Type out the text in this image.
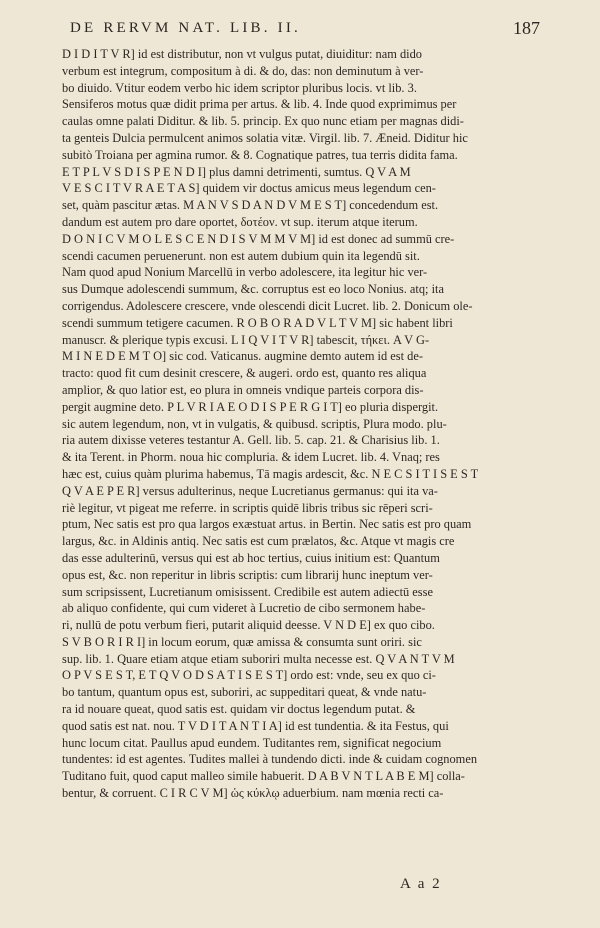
DE RERVM NAT. LIB. II.	187
D I D I T V R] id est distributur, non vt vulgus putat, diuiditur: nam dido
verbum est integrum, compositum à di. & do, das: non deminutum à ver-
bo diuido. Vtitur eodem verbo hic idem scriptor pluribus locis. vt lib. 3.
Sensiferos motus quæ didit prima per artus. & lib. 4. Inde quod exprimimus per
caulas omne palati Diditur. & lib. 5. princip. Ex quo nunc etiam per magnas didi-
ta genteis Dulcia permulcent animos solatia vitæ. Virgil. lib. 7. Æneid. Diditur hic
subitò Troiana per agmina rumor. & 8. Cognatique patres, tua terris didita fama.
E T P L V S D I S P E N D I] plus damni detrimenti, sumtus. Q V A M
V E S C I T V R A E T A S] quidem vir doctus amicus meus legendum cen-
set, quàm pascitur ætas. M A N V S D A N D V M E S T] concedendum est.
dandum est autem pro dare oportet, δοτέον. vt sup. iterum atque iterum.
D O N I C V M O L E S C E N D I S V M M V M] id est donec ad summū cre-
scendi cacumen peruenerunt. non est autem dubium quin ita legendū sit.
Nam quod apud Nonium Marcellū in verbo adolescere, ita legitur hic ver-
sus Dumque adolescendi summum, &c. corruptus est eo loco Nonius. atq; ita
corrigendus. Adolescere crescere, vnde olescendi dicit Lucret. lib. 2. Donicum ole-
scendi summum tetigere cacumen. R O B O R A D V L T V M] sic habent libri
manuscr. & plerique typis excusi. L I Q V I T V R] tabescit, τήκει. A V G-
M I N E D E M T O] sic cod. Vaticanus. augmine demto autem id est de-
tracto: quod fit cum desinit crescere, & augeri. ordo est, quanto res aliqua
amplior, & quo latior est, eo plura in omneis vndique parteis corpora dis-
pergit augmine deto. P L V R I A E O D I S P E R G I T] eo pluria dispergit.
sic autem legendum, non, vt in vulgatis, & quibusd. scriptis, Plura modo. plu-
ria autem dixisse veteres testantur A. Gell. lib. 5. cap. 21. & Charisius lib. 1.
& ita Terent. in Phorm. noua hic compluria. & idem Lucret. lib. 4. Vnaq; res
hæc est, cuius quàm plurima habemus, Tā magis ardescit, &c. N E C S I T I S E S T
Q V A E P E R] versus adulterinus, neque Lucretianus germanus: qui ita va-
riè legitur, vt pigeat me referre. in scriptis quidē libris tribus sic rēperi scri-
ptum, Nec satis est pro qua largos exæstuat artus. in Bertin. Nec satis est pro quam
largus, &c. in Aldinis antiq. Nec satis est cum prælatos, &c. Atque vt magis cre
das esse adulterinū, versus qui est ab hoc tertius, cuius initium est: Quantum
opus est, &c. non reperitur in libris scriptis: cum librarij hunc ineptum ver-
sum scripsissent, Lucretianum omisissent. Credibile est autem adiectū esse
ab aliquo confidente, qui cum videret à Lucretio de cibo sermonem habe-
ri, nullū de potu verbum fieri, putarit aliquid deesse. V N D E] ex quo cibo.
S V B O R I R I] in locum eorum, quæ amissa & consumta sunt oriri. sic
sup. lib. 1. Quare etiam atque etiam suboriri multa necesse est. Q V A N T V M
O P V S E S T, E T Q V O D S A T I S E S T] ordo est: vnde, seu ex quo ci-
bo tantum, quantum opus est, suboriri, ac suppeditari queat, & vnde natu-
ra id nouare queat, quod satis est. quidam vir doctus legendum putat. &
quod satis est nat. nou. T V D I T A N T I A] id est tundentia. & ita Festus, qui
hunc locum citat. Paullus apud eundem. Tuditantes rem, significat negocium
tundentes: id est agentes. Tudites mallei à tundendo dicti. inde & cuidam cognomen
Tuditano fuit, quod caput malleo simile habuerit. D A B V N T L A B E M] colla-
bentur, & corruent. C I R C V M] ὡς κύκλῳ aduerbium. nam mœnia recti ca-
A a 2
